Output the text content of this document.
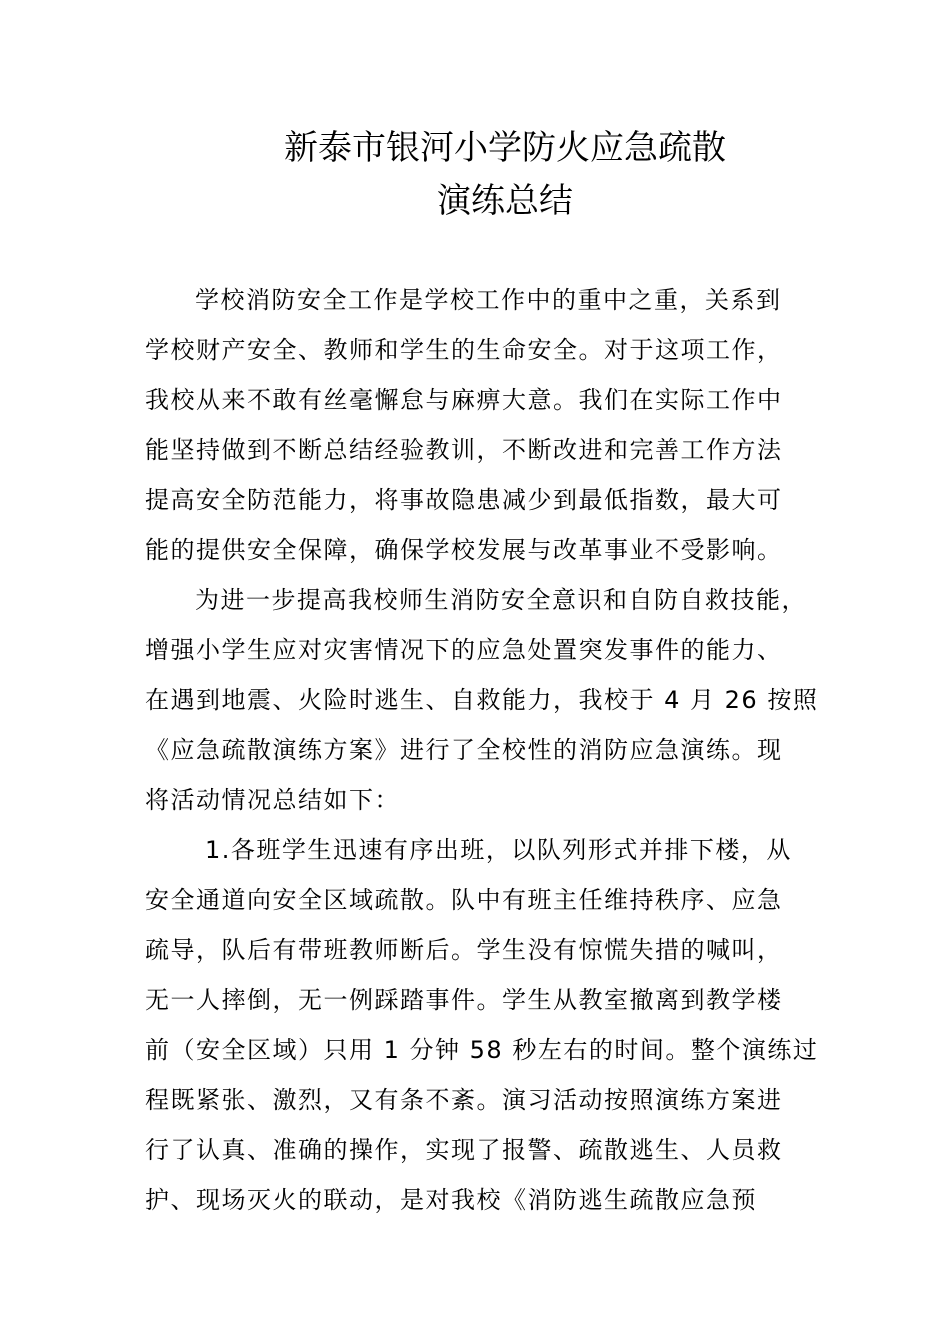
新泰市银河小学防火应急疏散
演练总结
学校消防安全工作是学校工作中的重中之重，关系到
学校财产安全、教师和学生的生命安全。对于这项工作，
我校从来不敢有丝毫懈怠与麻痹大意。我们在实际工作中
能坚持做到不断总结经验教训，不断改进和完善工作方法
提高安全防范能力，将事故隐患减少到最低指数，最大可
能的提供安全保障，确保学校发展与改革事业不受影响。
为进一步提高我校师生消防安全意识和自防自救技能，
增强小学生应对灾害情况下的应急处置突发事件的能力、
在遇到地震、火险时逃生、自救能力，我校于 4 月 26 按照
《应急疏散演练方案》进行了全校性的消防应急演练。现
将活动情况总结如下：
1.各班学生迅速有序出班，以队列形式并排下楼，从
安全通道向安全区域疏散。队中有班主任维持秩序、应急
疏导，队后有带班教师断后。学生没有惊慌失措的喊叫，
无一人摔倒，无一例踩踏事件。学生从教室撤离到教学楼
前（安全区域）只用 1 分钟 58 秒左右的时间。整个演练过
程既紧张、激烈，又有条不紊。演习活动按照演练方案进
行了认真、准确的操作，实现了报警、疏散逃生、人员救
护、现场灭火的联动，是对我校《消防逃生疏散应急预
